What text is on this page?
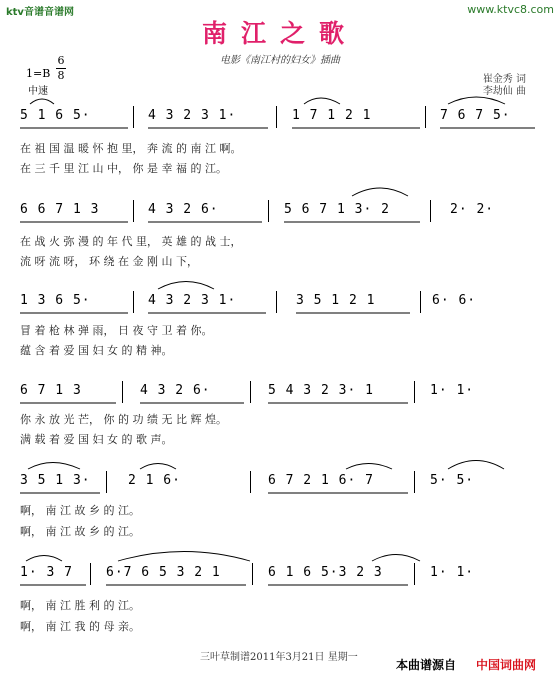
ktv音谱音谱网	www.ktvc8.com
南江之歌
电影《南江村的妇女》插曲
1=B
6
8
中速
崔金秀 词
李劫仙 曲
5 1 6 5·	4 3 2 3 1·	1 7 1 2 1	7 6 7 5·
在 祖 国 温 暖 怀 抱 里， 奔 流 的 南 江 啊。
在 三 千 里 江 山 中， 你 是 幸 福 的 江。
6 6 7 1 3	4 3 2 6·	5 6 7 1 3· 2	2· 2·
在 战 火 弥 漫 的 年 代 里， 英 雄 的 战 士，
流 呀 流 呀， 环 绕 在 金 刚 山 下，
1 3 6 5·	4 3 2 3 1·	3 5 1 2 1	6· 6·
冒 着 枪 林 弹 雨， 日 夜 守 卫 着 你。
蕴 含 着 爱 国 妇 女 的 精 神。
6 7 1 3	4 3 2 6·	5 4 3 2 3· 1	1· 1·
你 永 放 光 芒， 你 的 功 绩 无 比 辉 煌。
满 载 着 爱 国 妇 女 的 歌 声。
3 5 1 3·	2 1 6·	6 7 2 1 6· 7	5· 5·
啊， 南 江 故 乡 的 江。
啊， 南 江 故 乡 的 江。
1· 3 7	6·7 6 5 3 2 1	6 1 6 5·3 2 3	1· 1·
啊， 南 江 胜 利 的 江。
啊， 南 江 我 的 母 亲。
三叶草制谱2011年3月21日 星期一
本曲谱源自 中国词曲网
